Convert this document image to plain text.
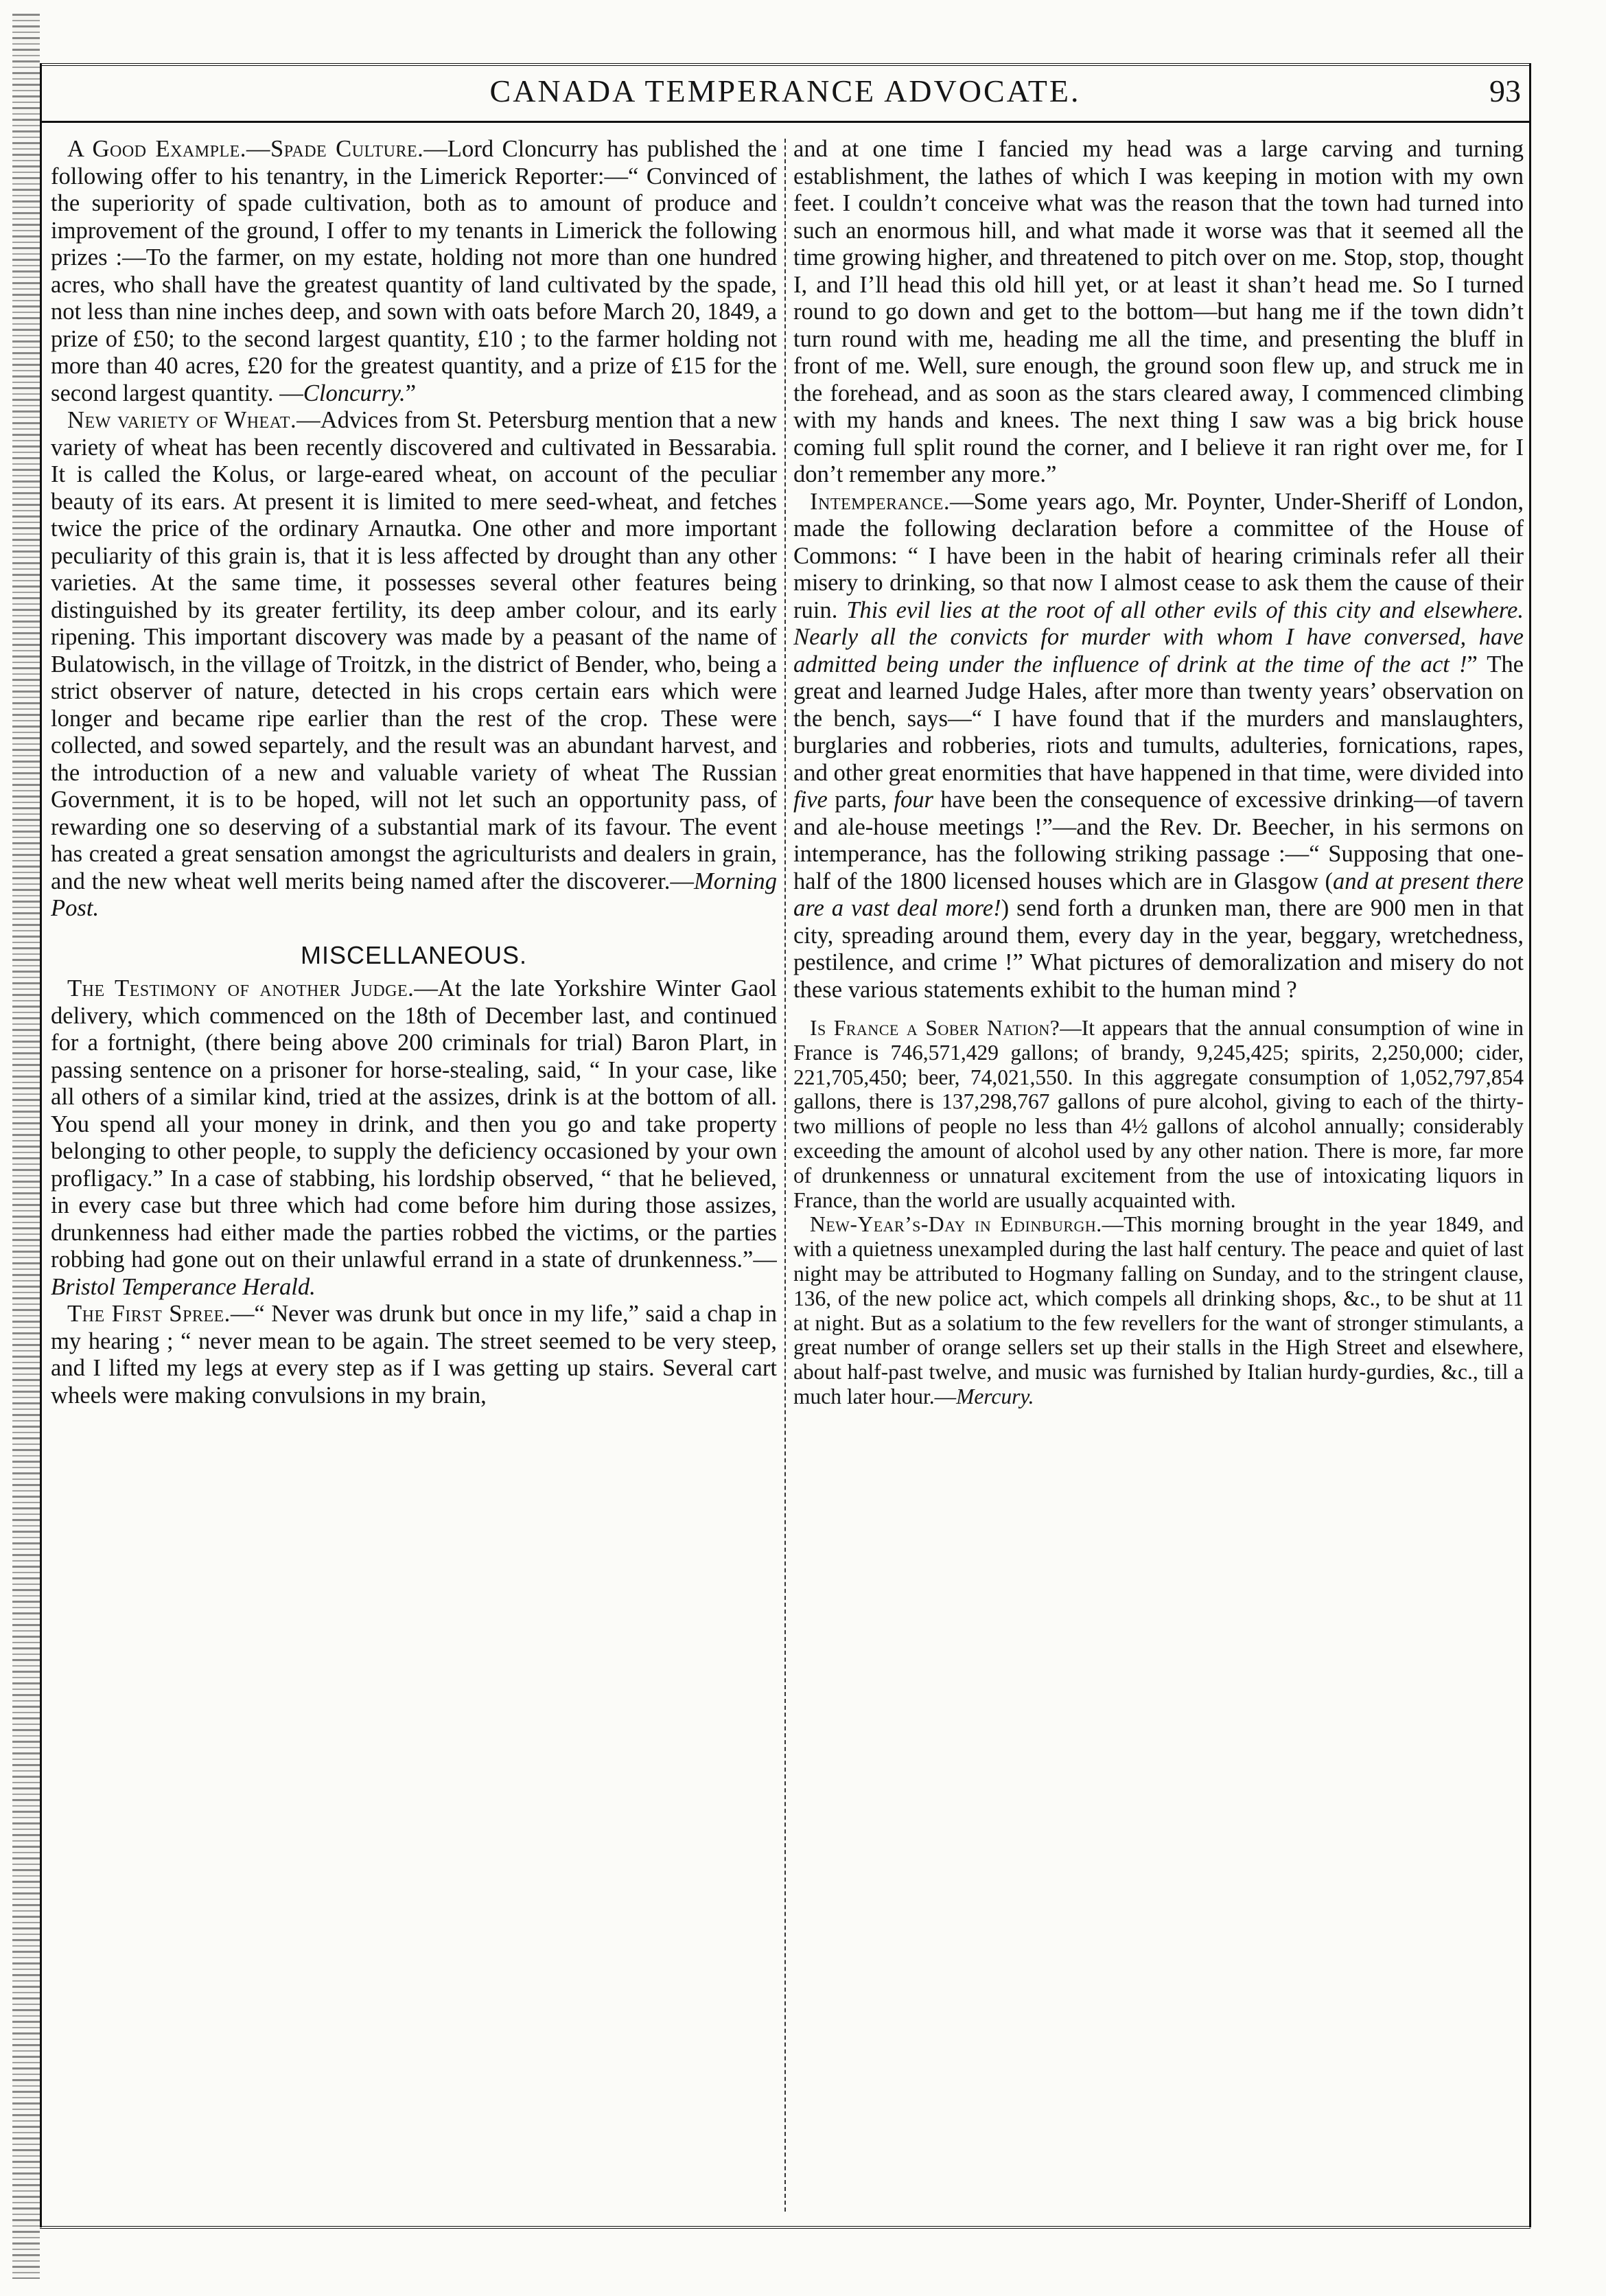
CANADA TEMPERANCE ADVOCATE.	93

A Good Example.—Spade Culture.—Lord Cloncurry has published the following offer to his tenantry, in the Limerick Reporter:—“ Convinced of the superiority of spade cultivation, both as to amount of produce and improvement of the ground, I offer to my tenants in Limerick the following prizes :—To the farmer, on my estate, holding not more than one hundred acres, who shall have the greatest quantity of land cultivated by the spade, not less than nine inches deep, and sown with oats before March 20, 1849, a prize of £50; to the second largest quantity, £10 ; to the farmer holding not more than 40 acres, £20 for the greatest quantity, and a prize of £15 for the second largest quantity. —Cloncurry.”

New variety of Wheat.—Advices from St. Petersburg mention that a new variety of wheat has been recently discovered and cultivated in Bessarabia. It is called the Kolus, or large-eared wheat, on account of the peculiar beauty of its ears. At present it is limited to mere seed-wheat, and fetches twice the price of the ordinary Arnautka. One other and more important peculiarity of this grain is, that it is less affected by drought than any other varieties. At the same time, it possesses several other features being distinguished by its greater fertility, its deep amber colour, and its early ripening. This important discovery was made by a peasant of the name of Bulatowisch, in the village of Troitzk, in the district of Bender, who, being a strict observer of nature, detected in his crops certain ears which were longer and became ripe earlier than the rest of the crop. These were collected, and sowed separtely, and the result was an abundant harvest, and the introduction of a new and valuable variety of wheat The Russian Government, it is to be hoped, will not let such an opportunity pass, of rewarding one so deserving of a substantial mark of its favour. The event has created a great sensation amongst the agriculturists and dealers in grain, and the new wheat well merits being named after the discoverer.—Morning Post.

MISCELLANEOUS.

The Testimony of another Judge.—At the late Yorkshire Winter Gaol delivery, which commenced on the 18th of December last, and continued for a fortnight, (there being above 200 criminals for trial) Baron Plart, in passing sentence on a prisoner for horse-stealing, said, “ In your case, like all others of a similar kind, tried at the assizes, drink is at the bottom of all. You spend all your money in drink, and then you go and take property belonging to other people, to supply the deficiency occasioned by your own profligacy.” In a case of stabbing, his lordship observed, “ that he believed, in every case but three which had come before him during those assizes, drunkenness had either made the parties robbed the victims, or the parties robbing had gone out on their unlawful errand in a state of drunkenness.”—Bristol Temperance Herald.

The First Spree.—“ Never was drunk but once in my life,” said a chap in my hearing ; “ never mean to be again. The street seemed to be very steep, and I lifted my legs at every step as if I was getting up stairs. Several cart wheels were making convulsions in my brain,

and at one time I fancied my head was a large carving and turning establishment, the lathes of which I was keeping in motion with my own feet. I couldn’t conceive what was the reason that the town had turned into such an enormous hill, and what made it worse was that it seemed all the time growing higher, and threatened to pitch over on me. Stop, stop, thought I, and I’ll head this old hill yet, or at least it shan’t head me. So I turned round to go down and get to the bottom—but hang me if the town didn’t turn round with me, heading me all the time, and presenting the bluff in front of me. Well, sure enough, the ground soon flew up, and struck me in the forehead, and as soon as the stars cleared away, I commenced climbing with my hands and knees. The next thing I saw was a big brick house coming full split round the corner, and I believe it ran right over me, for I don’t remember any more.”

Intemperance.—Some years ago, Mr. Poynter, Under-Sheriff of London, made the following declaration before a committee of the House of Commons: “ I have been in the habit of hearing criminals refer all their misery to drinking, so that now I almost cease to ask them the cause of their ruin. This evil lies at the root of all other evils of this city and elsewhere. Nearly all the convicts for murder with whom I have conversed, have admitted being under the influence of drink at the time of the act !” The great and learned Judge Hales, after more than twenty years’ observation on the bench, says—“ I have found that if the murders and manslaughters, burglaries and robberies, riots and tumults, adulteries, fornications, rapes, and other great enormities that have happened in that time, were divided into five parts, four have been the consequence of excessive drinking—of tavern and ale-house meetings !”—and the Rev. Dr. Beecher, in his sermons on intemperance, has the following striking passage :—“ Supposing that one-half of the 1800 licensed houses which are in Glasgow (and at present there are a vast deal more!) send forth a drunken man, there are 900 men in that city, spreading around them, every day in the year, beggary, wretchedness, pestilence, and crime !” What pictures of demoralization and misery do not these various statements exhibit to the human mind ?

Is France a Sober Nation?—It appears that the annual consumption of wine in France is 746,571,429 gallons; of brandy, 9,245,425; spirits, 2,250,000; cider, 221,705,450; beer, 74,021,550. In this aggregate consumption of 1,052,797,854 gallons, there is 137,298,767 gallons of pure alcohol, giving to each of the thirty-two millions of people no less than 4½ gallons of alcohol annually; considerably exceeding the amount of alcohol used by any other nation. There is more, far more of drunkenness or unnatural excitement from the use of intoxicating liquors in France, than the world are usually acquainted with.

New-Year’s-Day in Edinburgh.—This morning brought in the year 1849, and with a quietness unexampled during the last half century. The peace and quiet of last night may be attributed to Hogmany falling on Sunday, and to the stringent clause, 136, of the new police act, which compels all drinking shops, &c., to be shut at 11 at night. But as a solatium to the few revellers for the want of stronger stimulants, a great number of orange sellers set up their stalls in the High Street and elsewhere, about half-past twelve, and music was furnished by Italian hurdy-gurdies, &c., till a much later hour.—Mercury.
